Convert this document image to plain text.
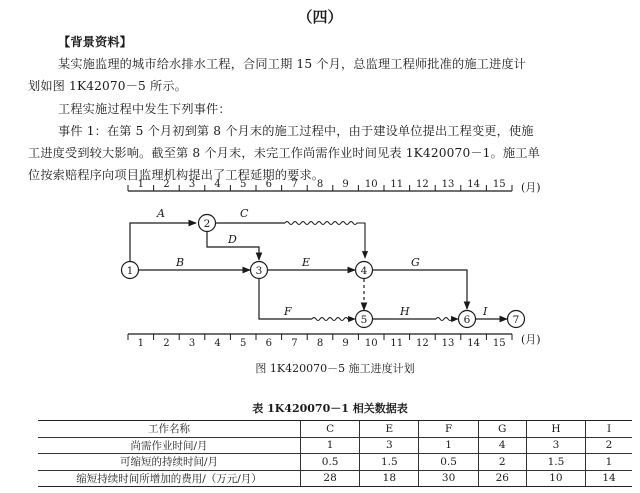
（四）
【背景资料】
某实施监理的城市给水排水工程，合同工期 15 个月，总监理工程师批准的施工进度计
划如图 1K42070－5 所示。
工程实施过程中发生下列事件：
事件 1：在第 5 个月初到第 8 个月末的施工过程中，由于建设单位提出工程变更，使施
工进度受到较大影响。截至第 8 个月末，未完工作尚需作业时间见表 1K420070－1。施工单
位按索赔程序向项目监理机构提出了工程延期的要求。
1 2 3 4 5 6 7 8 9 10 11 12 13 14 15 (月)
1 2 3 4 5 6 7 8 9 10 11 12 13 14 15 (月)
A
B
C
D
E
F
G
H	I
1
2
3	4
5	6	7
图 1K420070－5 施工进度计划
表 1K420070－1 相关数据表
工作名称	C	E	F	G	H	I
尚需作业时间/月	1	3	1	4	3	2
可缩短的持续时间/月	0.5	1.5	0.5	2	1.5	1
缩短持续时间所增加的费用/（万元/月）	28	18	30	26	10	14
